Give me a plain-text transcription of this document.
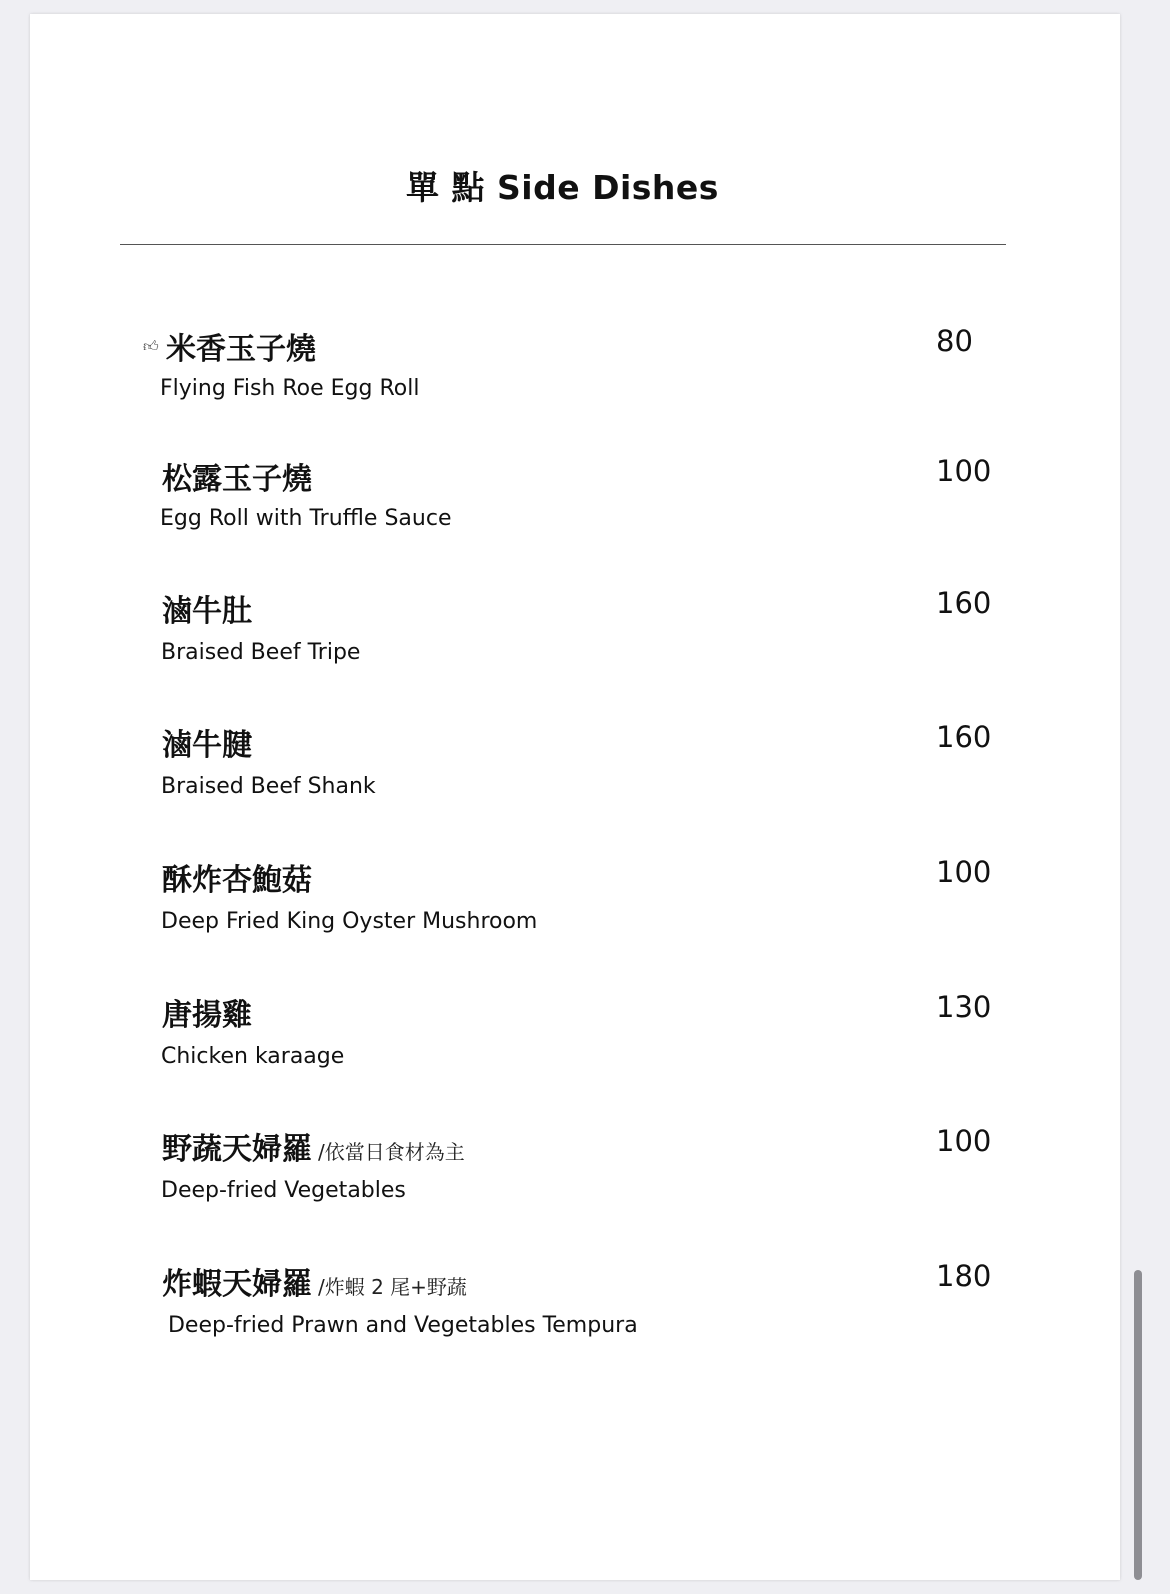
單 點 Side Dishes
👍︎ 米香玉子燒	80
Flying Fish Roe Egg Roll
松露玉子燒	100
Egg Roll with Truffle Sauce
滷牛肚	160
Braised Beef Tripe
滷牛腱	160
Braised Beef Shank
酥炸杏鮑菇	100
Deep Fried King Oyster Mushroom
唐揚雞	130
Chicken karaage
野蔬天婦羅 /依當日食材為主	100
Deep-fried Vegetables
炸蝦天婦羅 /炸蝦 2 尾+野蔬	180
Deep-fried Prawn and Vegetables Tempura
